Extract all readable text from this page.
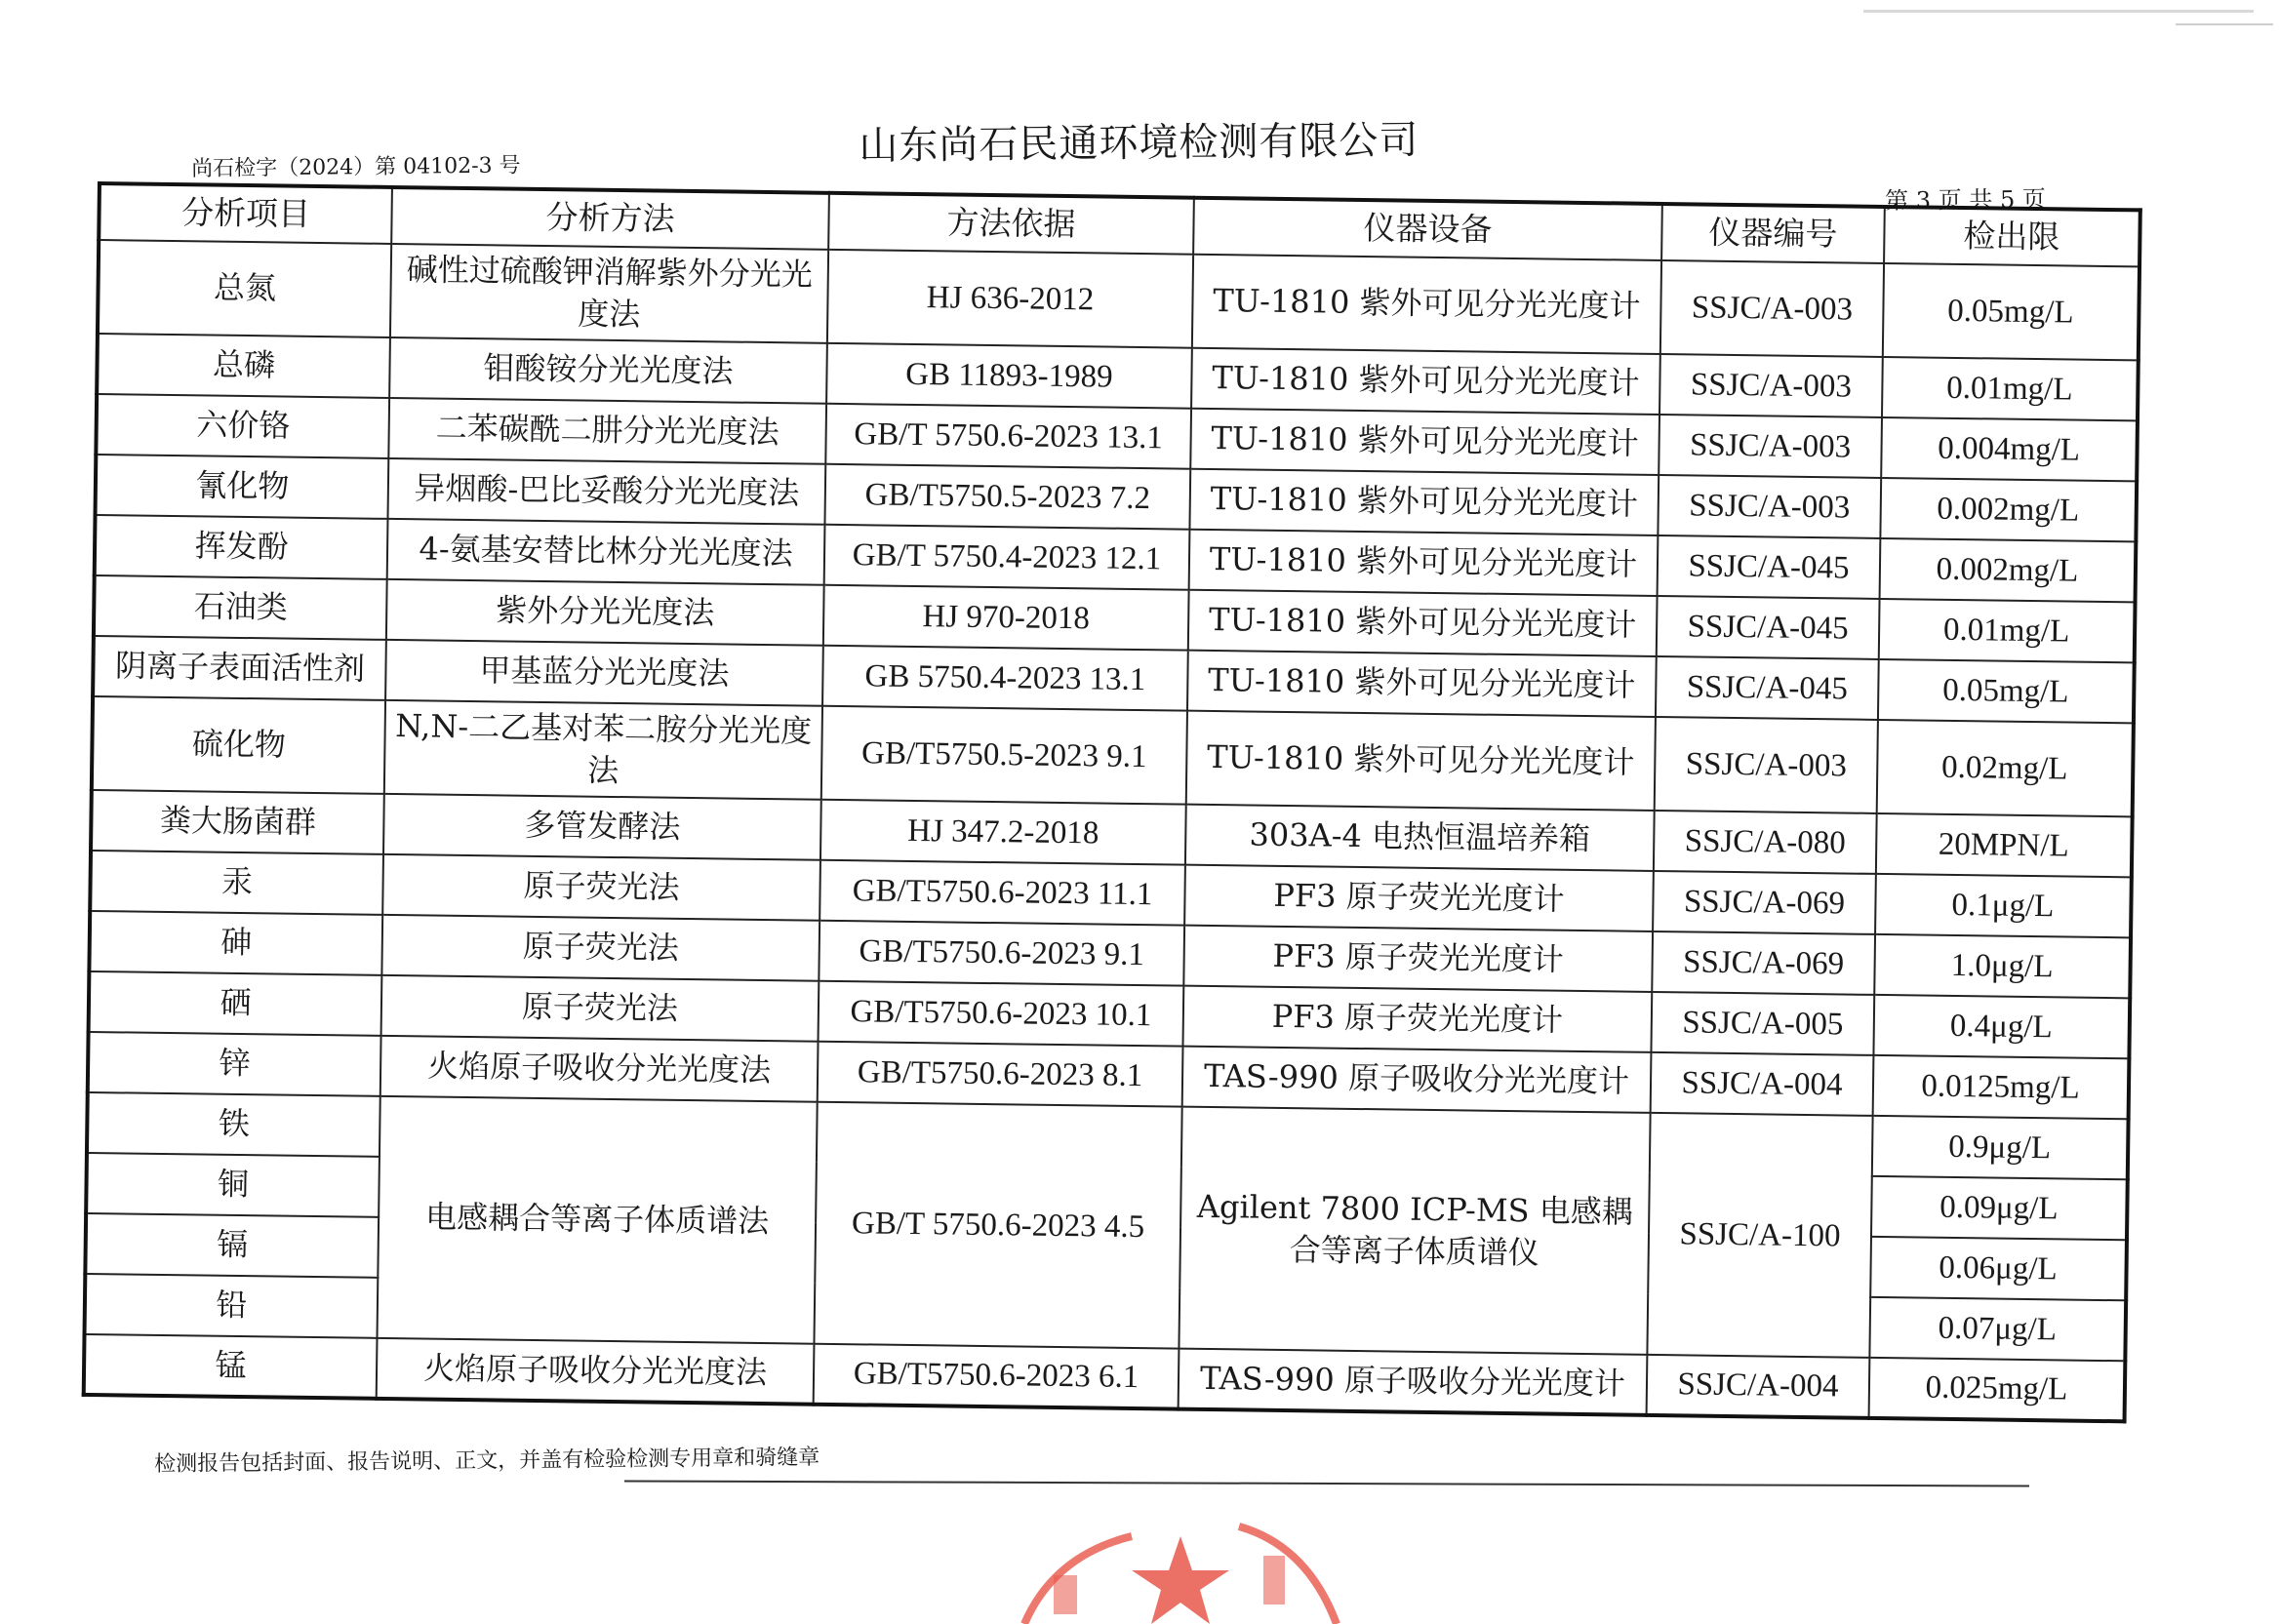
山东尚石民通环境检测有限公司
尚石检字（2024）第 04102-3 号
第 3 页 共 5 页
分析项目	分析方法	方法依据	仪器设备	仪器编号	检出限
总氮	碱性过硫酸钾消解紫外分光光度法	HJ 636-2012	TU-1810 紫外可见分光光度计	SSJC/A-003	0.05mg/L
总磷	钼酸铵分光光度法	GB 11893-1989	TU-1810 紫外可见分光光度计	SSJC/A-003	0.01mg/L
六价铬	二苯碳酰二肼分光光度法	GB/T 5750.6-2023 13.1	TU-1810 紫外可见分光光度计	SSJC/A-003	0.004mg/L
氰化物	异烟酸-巴比妥酸分光光度法	GB/T5750.5-2023 7.2	TU-1810 紫外可见分光光度计	SSJC/A-003	0.002mg/L
挥发酚	4-氨基安替比林分光光度法	GB/T 5750.4-2023 12.1	TU-1810 紫外可见分光光度计	SSJC/A-045	0.002mg/L
石油类	紫外分光光度法	HJ 970-2018	TU-1810 紫外可见分光光度计	SSJC/A-045	0.01mg/L
阴离子表面活性剂	甲基蓝分光光度法	GB 5750.4-2023 13.1	TU-1810 紫外可见分光光度计	SSJC/A-045	0.05mg/L
硫化物	N,N-二乙基对苯二胺分光光度法	GB/T5750.5-2023 9.1	TU-1810 紫外可见分光光度计	SSJC/A-003	0.02mg/L
粪大肠菌群	多管发酵法	HJ 347.2-2018	303A-4 电热恒温培养箱	SSJC/A-080	20MPN/L
汞	原子荧光法	GB/T5750.6-2023 11.1	PF3 原子荧光光度计	SSJC/A-069	0.1μg/L
砷	原子荧光法	GB/T5750.6-2023 9.1	PF3 原子荧光光度计	SSJC/A-069	1.0μg/L
硒	原子荧光法	GB/T5750.6-2023 10.1	PF3 原子荧光光度计	SSJC/A-005	0.4μg/L
锌	火焰原子吸收分光光度法	GB/T5750.6-2023 8.1	TAS-990 原子吸收分光光度计	SSJC/A-004	0.0125mg/L
铁	电感耦合等离子体质谱法	GB/T 5750.6-2023 4.5	Agilent 7800 ICP-MS 电感耦合等离子体质谱仪	SSJC/A-100	0.9μg/L
铜					0.09μg/L
镉					0.06μg/L
铅					0.07μg/L
锰	火焰原子吸收分光光度法	GB/T5750.6-2023 6.1	TAS-990 原子吸收分光光度计	SSJC/A-004	0.025mg/L
检测报告包括封面、报告说明、正文，并盖有检验检测专用章和骑缝章
